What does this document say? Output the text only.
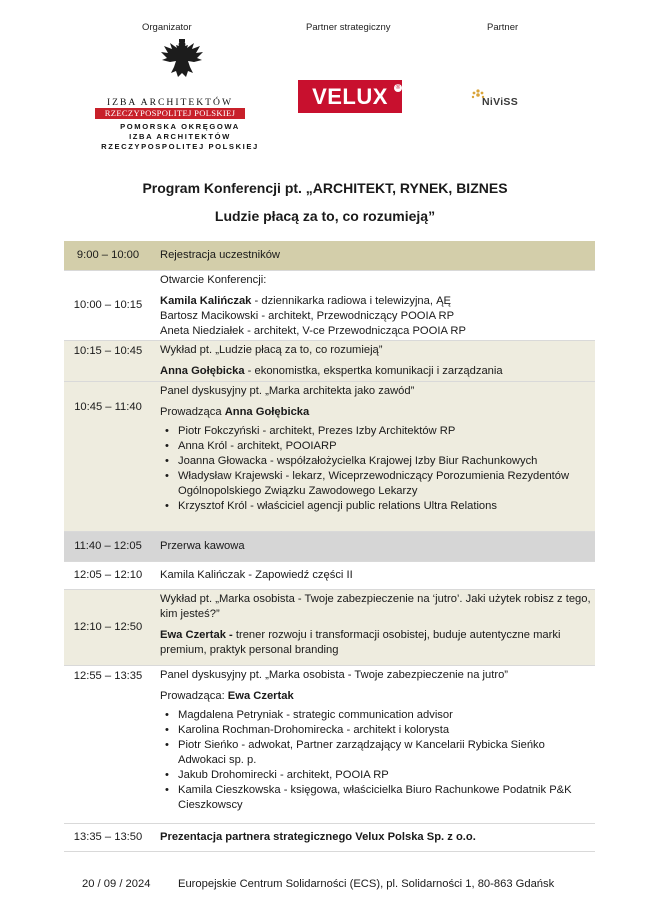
Organizator	Partner strategiczny	Partner
IZBA ARCHITEKTÓW
RZECZYPOSPOLITEJ POLSKIEJ
POMORSKA OKRĘGOWA
IZBA ARCHITEKTÓW
RZECZYPOSPOLITEJ POLSKIEJ
VELUX	®
NiViSS
Program Konferencji pt. „ARCHITEKT, RYNEK, BIZNES
Ludzie płacą za to, co rozumieją”
9:00 – 10:00	Rejestracja uczestników
10:00 – 10:15
Otwarcie Konferencji:
Kamila Kalińczak - dziennikarka radiowa i telewizyjna, ĄĘ
Bartosz Macikowski - architekt, Przewodniczący POOIA RP
Aneta Niedziałek - architekt, V-ce Przewodnicząca POOIA RP
10:15 – 10:45	Wykład pt. „Ludzie płacą za to, co rozumieją”
Anna Gołębicka - ekonomistka, ekspertka komunikacji i zarządzania
10:45 – 11:40
Panel dyskusyjny pt. „Marka architekta jako zawód”
Prowadząca Anna Gołębicka
• Piotr Fokczyński - architekt, Prezes Izby Architektów RP
• Anna Król - architekt, POOIARP
• Joanna Głowacka - współzałożycielka Krajowej Izby Biur Rachunkowych
• Władysław Krajewski - lekarz, Wiceprzewodniczący Porozumienia Rezydentów Ogólnopolskiego Związku Zawodowego Lekarzy
• Krzysztof Król - właściciel agencji public relations Ultra Relations
11:40 – 12:05	Przerwa kawowa
12:05 – 12:10	Kamila Kalińczak - Zapowiedź części II
12:10 – 12:50
Wykład pt. „Marka osobista - Twoje zabezpieczenie na ‘jutro’. Jaki użytek robisz z tego, kim jesteś?”
Ewa Czertak - trener rozwoju i transformacji osobistej, buduje autentyczne marki premium, praktyk personal branding
12:55 – 13:35	Panel dyskusyjny pt. „Marka osobista - Twoje zabezpieczenie na jutro”
Prowadząca: Ewa Czertak
• Magdalena Petryniak - strategic communication advisor
• Karolina Rochman-Drohomirecka - architekt i kolorysta
• Piotr Sieńko - adwokat, Partner zarządzający w Kancelarii Rybicka Sieńko Adwokaci sp. p.
• Jakub Drohomirecki - architekt, POOIA RP
• Kamila Cieszkowska - księgowa, właścicielka Biuro Rachunkowe Podatnik P&K Cieszkowscy
13:35 – 13:50	Prezentacja partnera strategicznego Velux Polska Sp. z o.o.
20 / 09 / 2024 Europejskie Centrum Solidarności (ECS), pl. Solidarności 1, 80-863 Gdańsk
